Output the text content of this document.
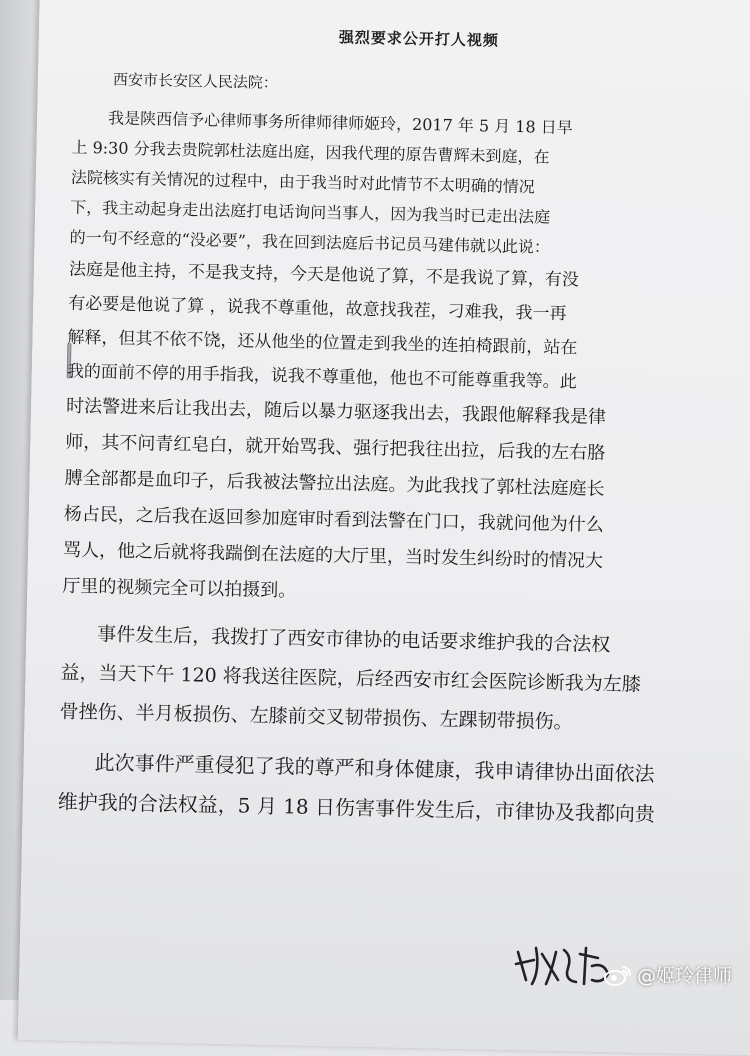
强烈要求公开打人视频
西安市长安区人民法院：
我是陕西信予心律师事务所律师律师姬玲，2017 年 5 月 18 日早
上 9:30 分我去贵院郭杜法庭出庭，因我代理的原告曹辉未到庭，在
法院核实有关情况的过程中，由于我当时对此情节不太明确的情况
下，我主动起身走出法庭打电话询问当事人，因为我当时已走出法庭
的一句不经意的“没必要”，我在回到法庭后书记员马建伟就以此说：
法庭是他主持，不是我支持，今天是他说了算，不是我说了算，有没
有必要是他说了算 ，说我不尊重他，故意找我茬，刁难我，我一再
解释，但其不依不饶，还从他坐的位置走到我坐的连拍椅跟前，站在
我的面前不停的用手指我，说我不尊重他，他也不可能尊重我等。此
时法警进来后让我出去，随后以暴力驱逐我出去，我跟他解释我是律
师，其不问青红皂白，就开始骂我、强行把我往出拉，后我的左右胳
膊全部都是血印子，后我被法警拉出法庭。为此我找了郭杜法庭庭长
杨占民，之后我在返回参加庭审时看到法警在门口，我就问他为什么
骂人，他之后就将我踹倒在法庭的大厅里，当时发生纠纷时的情况大
厅里的视频完全可以拍摄到。
事件发生后，我拨打了西安市律协的电话要求维护我的合法权
益，当天下午 120 将我送往医院，后经西安市红会医院诊断我为左膝
骨挫伤、半月板损伤、左膝前交叉韧带损伤、左踝韧带损伤。
此次事件严重侵犯了我的尊严和身体健康，我申请律协出面依法
维护我的合法权益，5 月 18 日伤害事件发生后，市律协及我都向贵
@姬玲律师
